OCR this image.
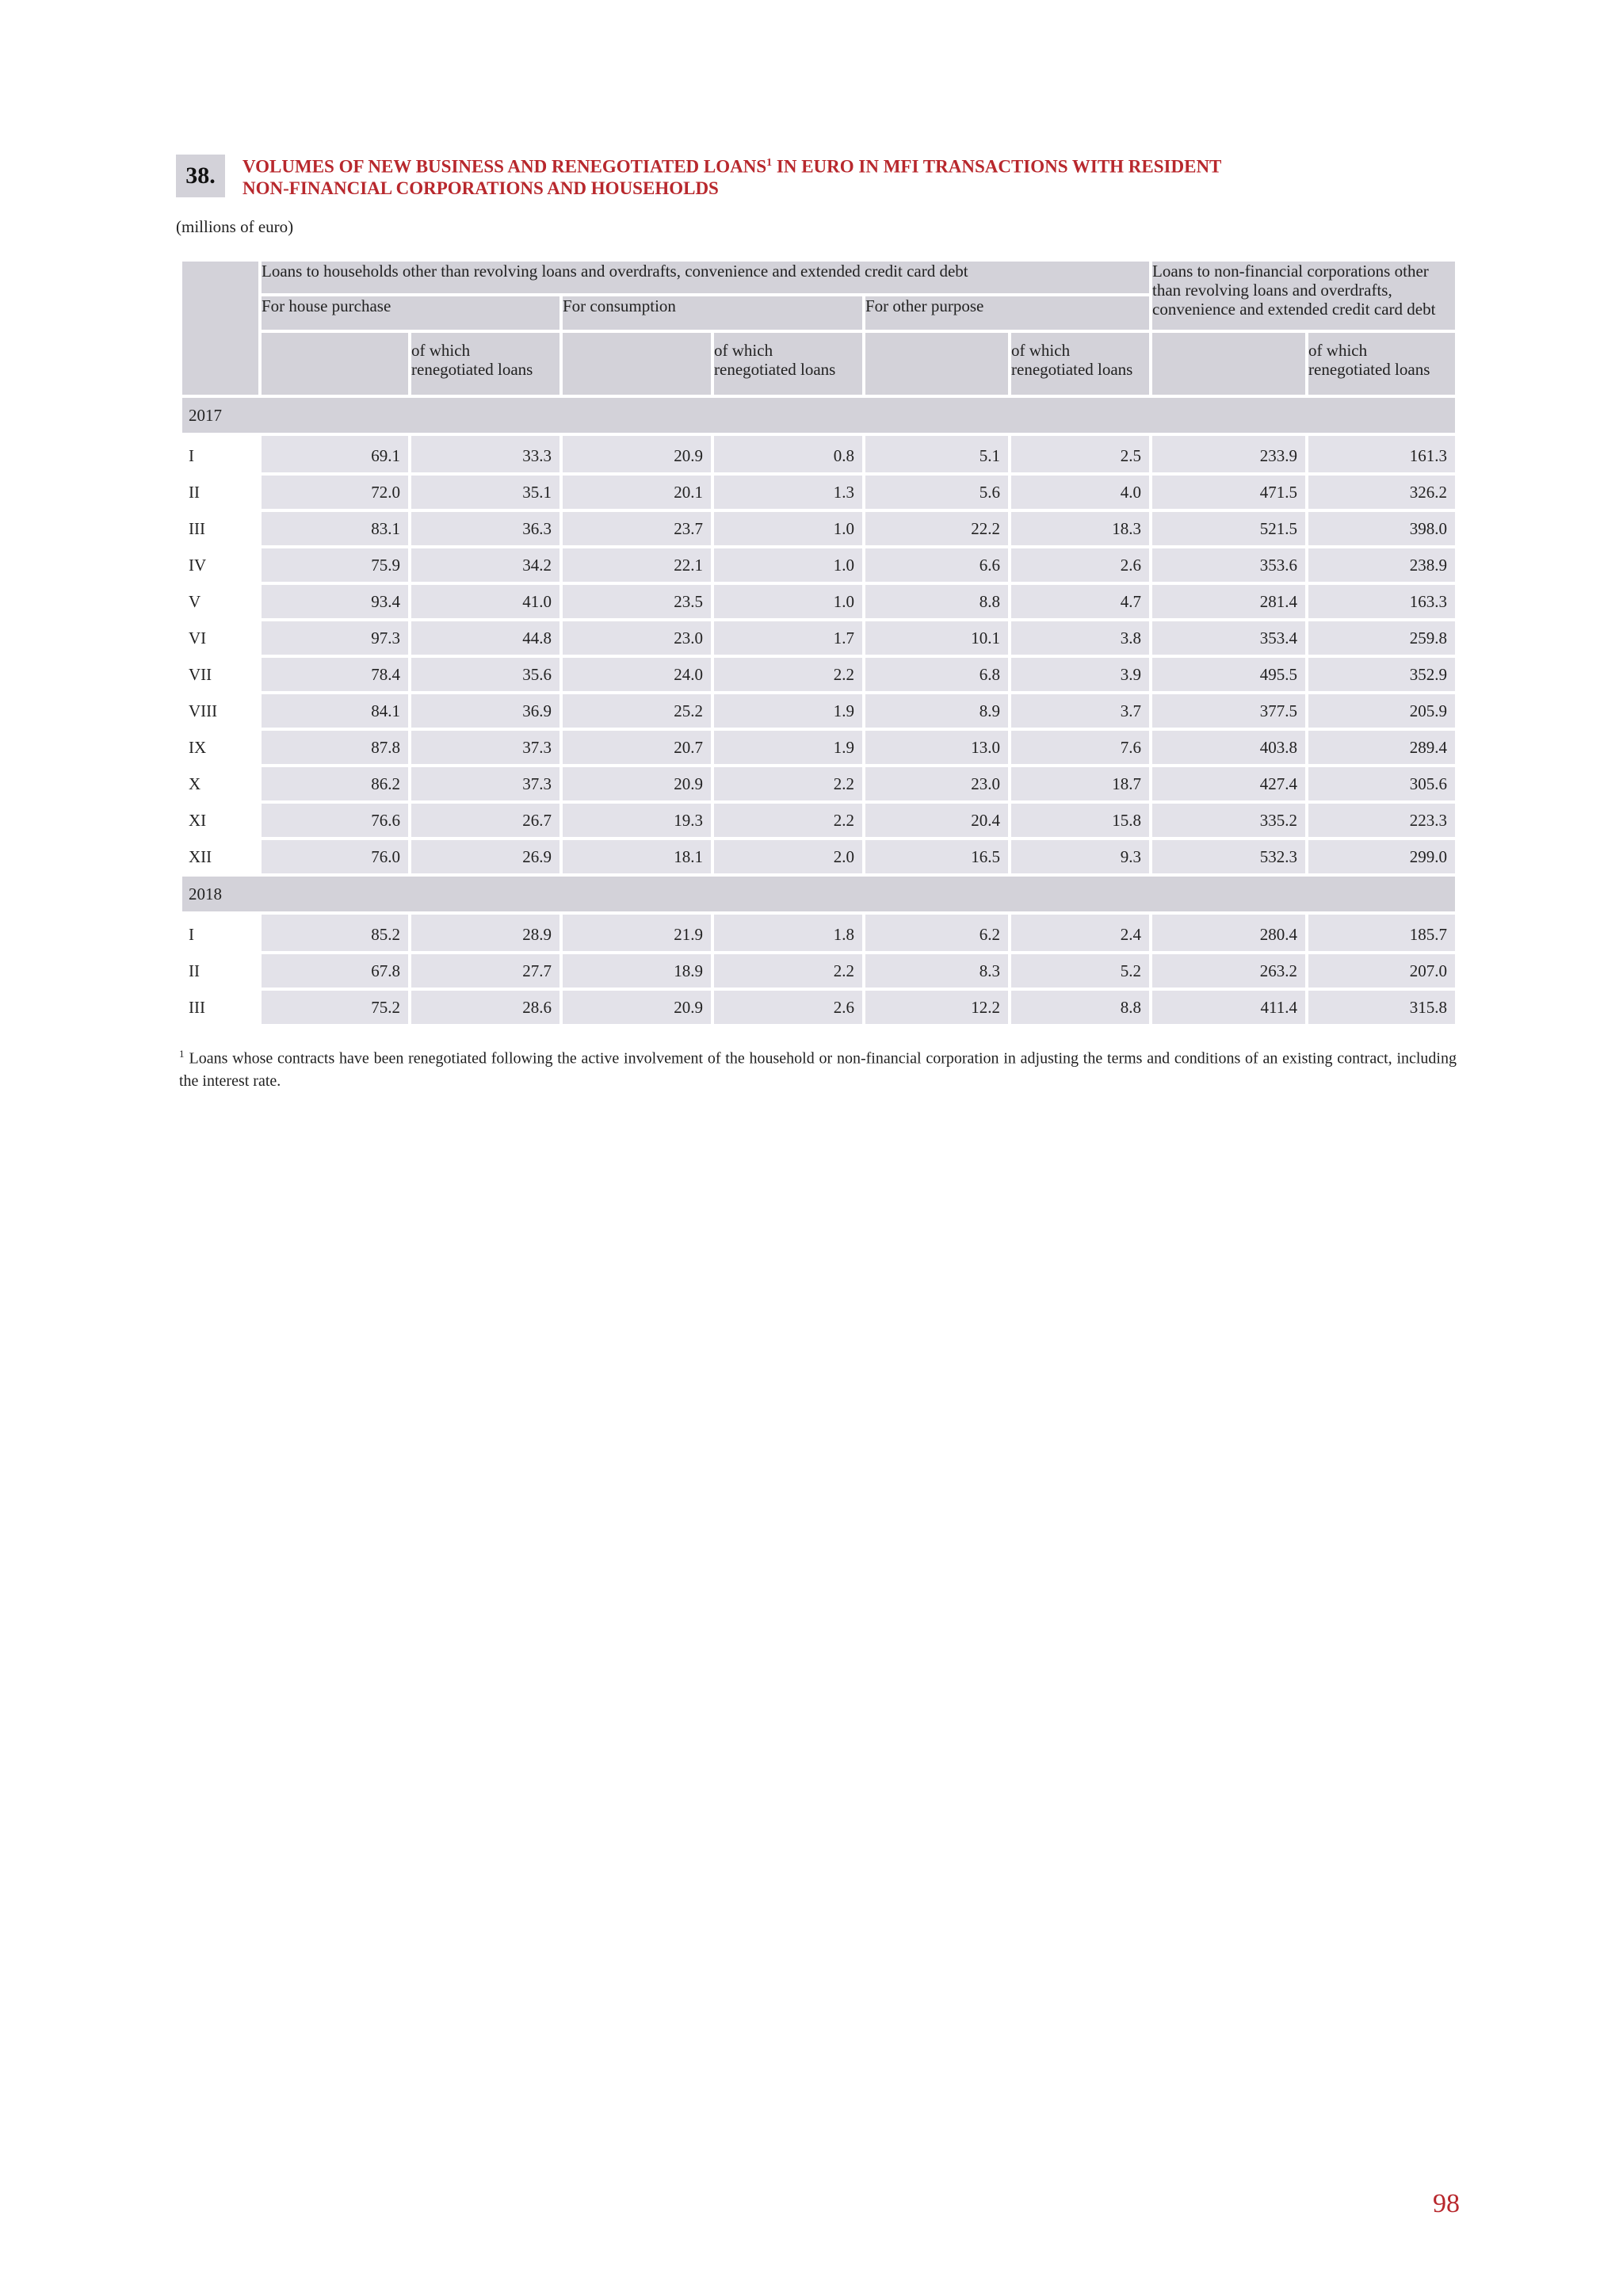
38.	VOLUMES OF NEW BUSINESS AND RENEGOTIATED LOANS$^1$ IN EURO IN MFI TRANSACTIONS WITH RESIDENT
NON-FINANCIAL CORPORATIONS AND HOUSEHOLDS
(millions of euro)
	Loans to households other than revolving loans and overdrafts, convenience and extended credit card debt						Loans to non-financial corporations other than revolving loans and overdrafts, convenience and extended credit card debt	
	For house purchase		For consumption		For other purpose			
		of which
renegotiated loans		of which
renegotiated loans		of which
renegotiated loans		of which
renegotiated loans
2017								
I	69.1	33.3	20.9	0.8	5.1	2.5	233.9	161.3
II	72.0	35.1	20.1	1.3	5.6	4.0	471.5	326.2
III	83.1	36.3	23.7	1.0	22.2	18.3	521.5	398.0
IV	75.9	34.2	22.1	1.0	6.6	2.6	353.6	238.9
V	93.4	41.0	23.5	1.0	8.8	4.7	281.4	163.3
VI	97.3	44.8	23.0	1.7	10.1	3.8	353.4	259.8
VII	78.4	35.6	24.0	2.2	6.8	3.9	495.5	352.9
VIII	84.1	36.9	25.2	1.9	8.9	3.7	377.5	205.9
IX	87.8	37.3	20.7	1.9	13.0	7.6	403.8	289.4
X	86.2	37.3	20.9	2.2	23.0	18.7	427.4	305.6
XI	76.6	26.7	19.3	2.2	20.4	15.8	335.2	223.3
XII	76.0	26.9	18.1	2.0	16.5	9.3	532.3	299.0
2018								
I	85.2	28.9	21.9	1.8	6.2	2.4	280.4	185.7
II	67.8	27.7	18.9	2.2	8.3	5.2	263.2	207.0
III	75.2	28.6	20.9	2.6	12.2	8.8	411.4	315.8
$^1$ Loans whose contracts have been renegotiated following the active involvement of the household or non-financial corporation in adjusting the terms and conditions of an existing contract, including the interest rate.
98
